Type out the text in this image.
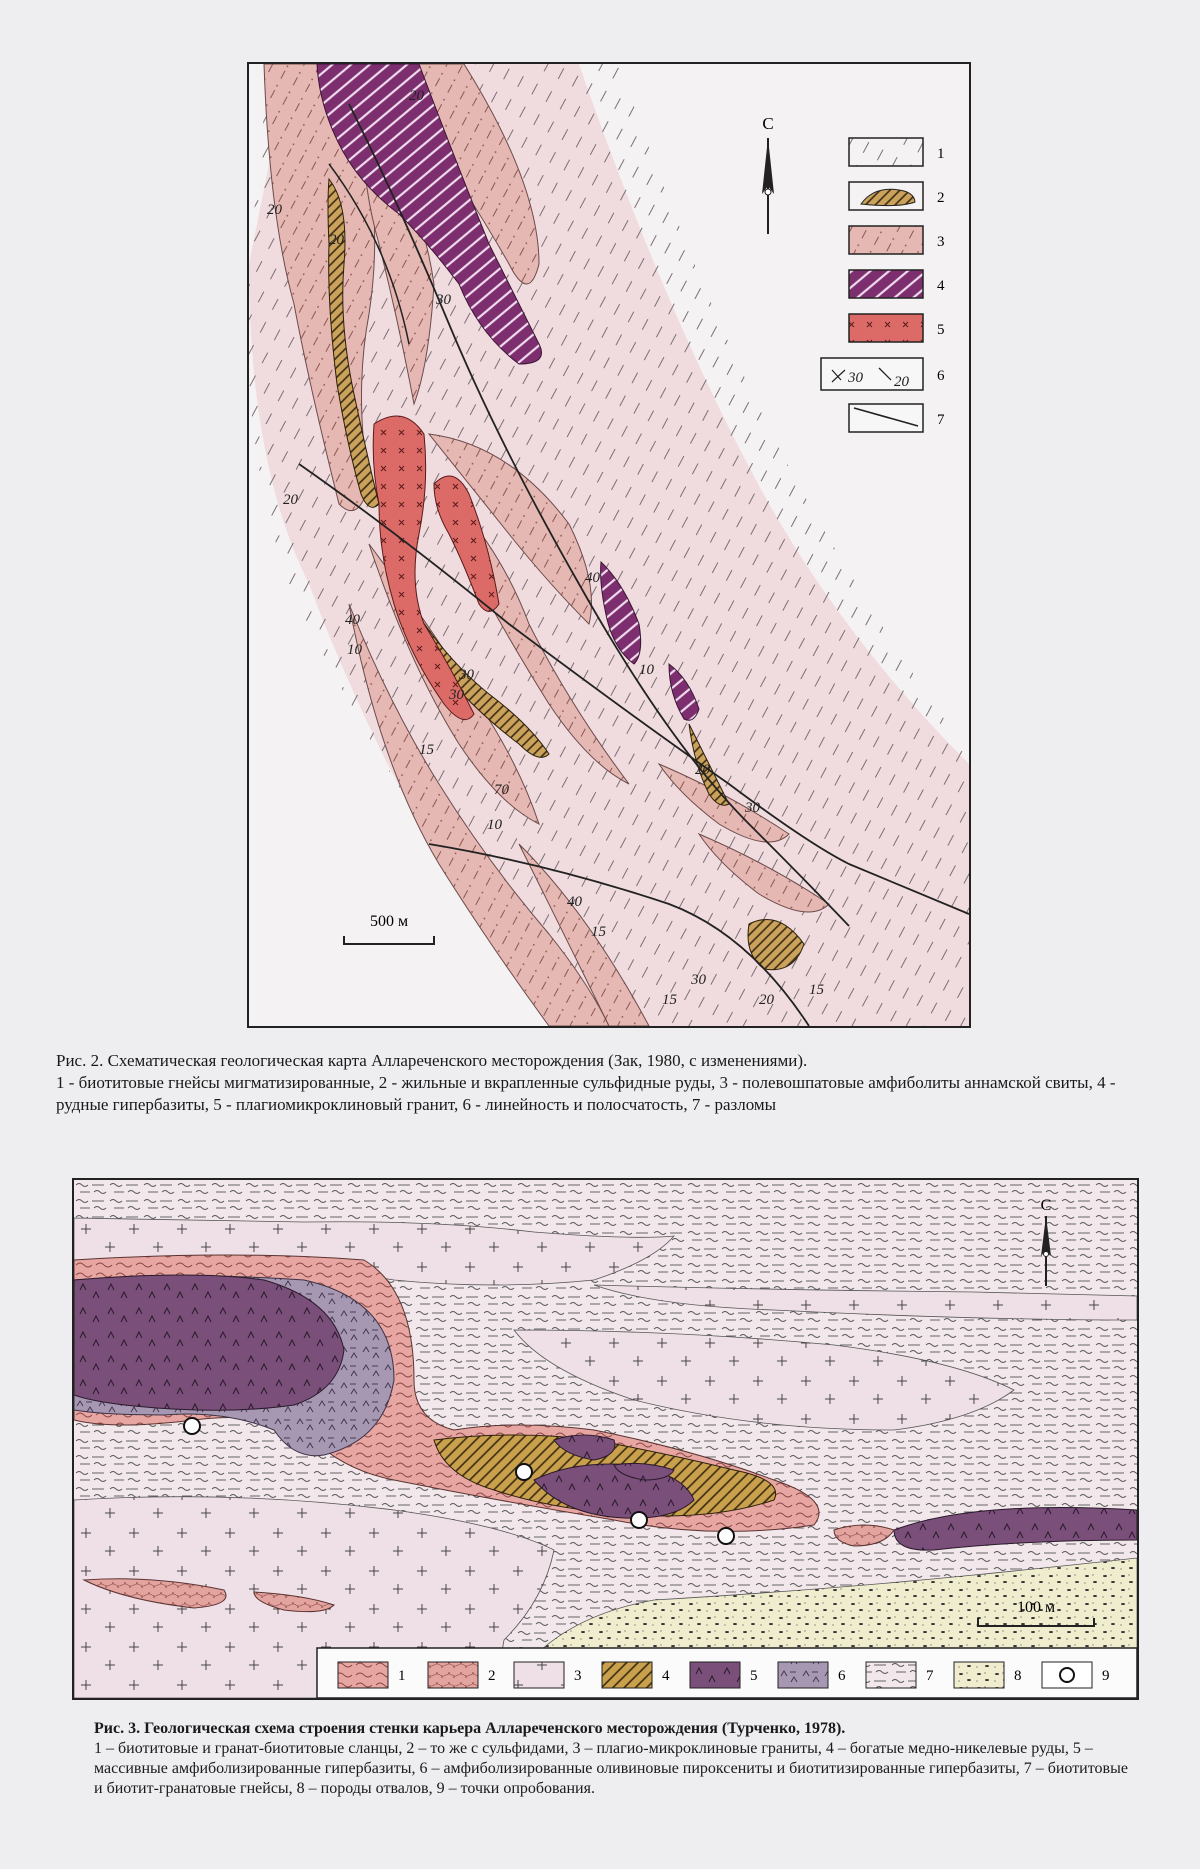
20
20
20
30
20
40
10
40
10
30
30
15
70
10
20
30
40
15
30
15	20
15
С
500 м
1
2
3
4
5
30 20 6
7
Рис. 2. Схематическая геологическая карта Аллареченского месторождения (Зак, 1980, с изменениями).
1 - биотитовые гнейсы мигматизированные, 2 - жильные и вкрапленные сульфидные руды, 3 - полевошпатовые амфиболиты аннамской свиты, 4 - рудные гипербазиты, 5 - плагиомикроклиновый гранит, 6 - линейность и полосчатость, 7 - разломы
С
100 м
1	2	3	4	5	6	7	8	9
Рис. 3. Геологическая схема строения стенки карьера Аллареченского месторождения (Турченко, 1978).
1 – биотитовые и гранат-биотитовые сланцы, 2 – то же с сульфидами, 3 – плагио-микроклиновые граниты, 4 – богатые медно-никелевые руды, 5 – массивные амфиболизированные гипербазиты, 6 – амфиболизированные оливиновые пироксениты и биотитизированные гипербазиты, 7 – биотитовые и биотит-гранатовые гнейсы, 8 – породы отвалов, 9 – точки опробования.
